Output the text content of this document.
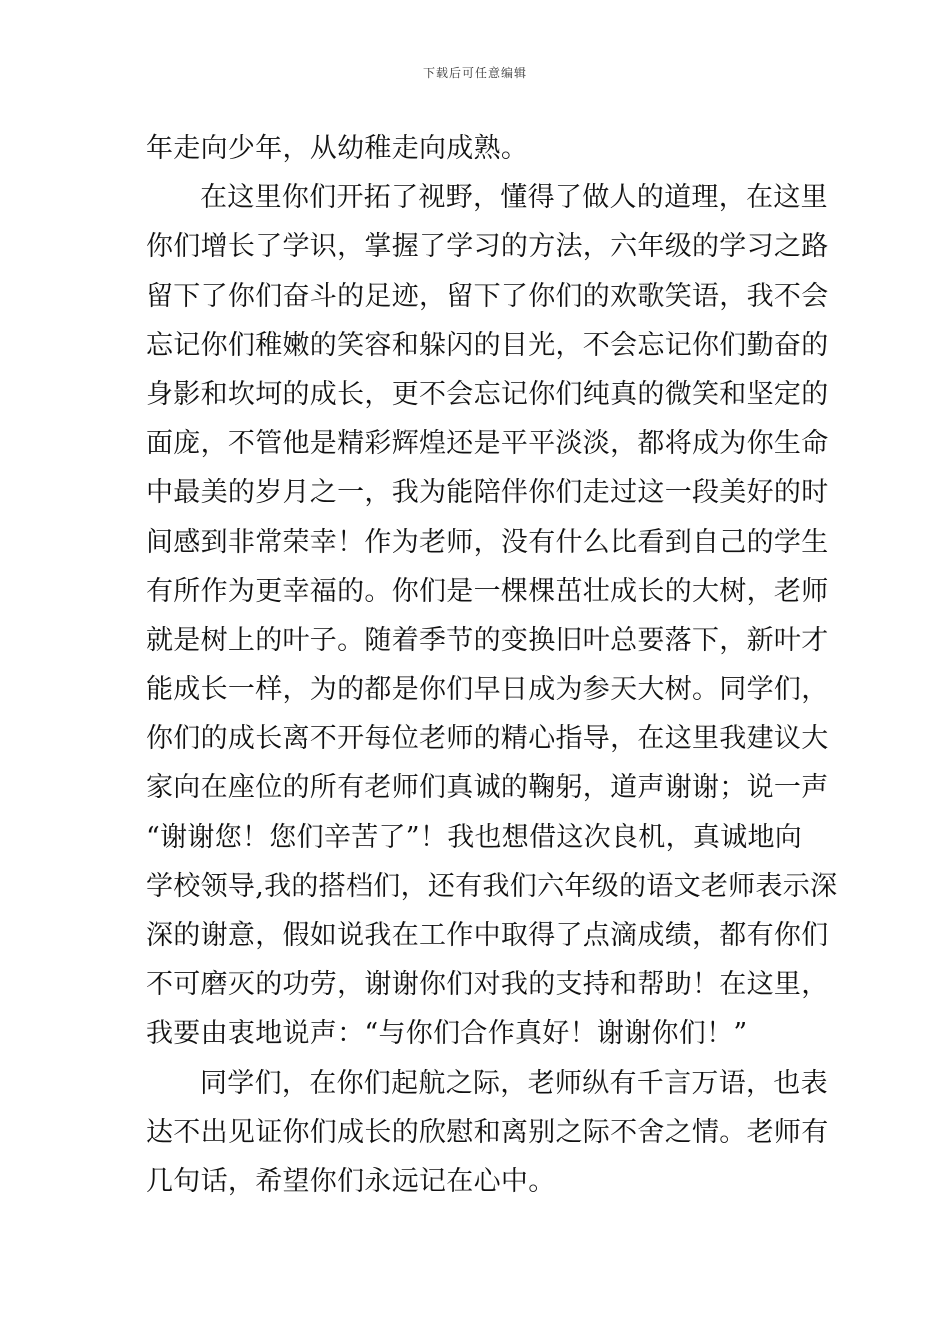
下载后可任意编辑
年走向少年，从幼稚走向成熟。
在这里你们开拓了视野，懂得了做人的道理，在这里
你们增长了学识，掌握了学习的方法，六年级的学习之路
留下了你们奋斗的足迹，留下了你们的欢歌笑语，我不会
忘记你们稚嫩的笑容和躲闪的目光，不会忘记你们勤奋的
身影和坎坷的成长，更不会忘记你们纯真的微笑和坚定的
面庞，不管他是精彩辉煌还是平平淡淡，都将成为你生命
中最美的岁月之一，我为能陪伴你们走过这一段美好的时
间感到非常荣幸！作为老师，没有什么比看到自己的学生
有所作为更幸福的。你们是一棵棵茁壮成长的大树，老师
就是树上的叶子。随着季节的变换旧叶总要落下，新叶才
能成长一样，为的都是你们早日成为参天大树。同学们，
你们的成长离不开每位老师的精心指导，在这里我建议大
家向在座位的所有老师们真诚的鞠躬，道声谢谢；说一声
“谢谢您！您们辛苦了”！我也想借这次良机，真诚地向
学校领导,我的搭档们，还有我们六年级的语文老师表示深
深的谢意，假如说我在工作中取得了点滴成绩，都有你们
不可磨灭的功劳，谢谢你们对我的支持和帮助！在这里，
我要由衷地说声：“与你们合作真好！谢谢你们！”
同学们，在你们起航之际，老师纵有千言万语，也表
达不出见证你们成长的欣慰和离别之际不舍之情。老师有
几句话，希望你们永远记在心中。
